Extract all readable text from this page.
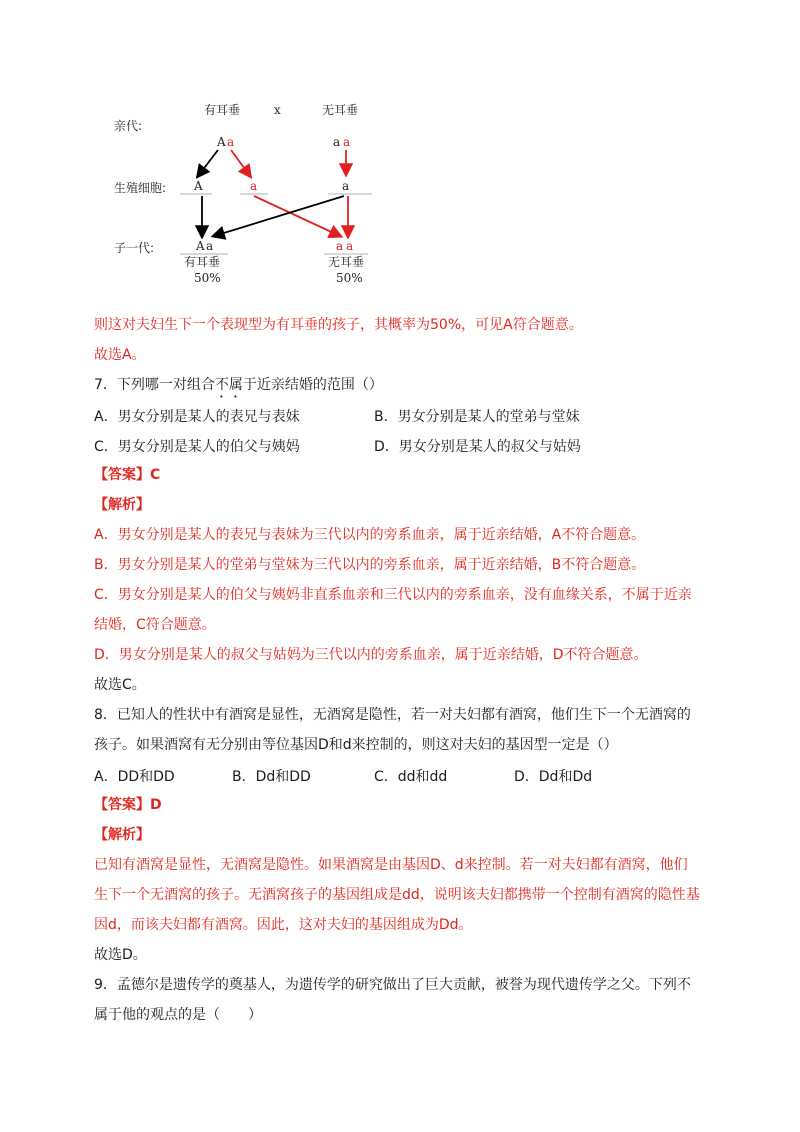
亲代:
生殖细胞:
子一代:
有耳垂	x	无耳垂
A a	a a
A	a	a
A a	a a
有耳垂
50%
无耳垂
50%
则这对夫妇生下一个表现型为有耳垂的孩子，其概率为50%，可见A符合题意。
故选A。
7．下列哪一对组合不属于近亲结婚的范围（）
A．男女分别是某人的表兄与表妹	B．男女分别是某人的堂弟与堂妹
C．男女分别是某人的伯父与姨妈	D．男女分别是某人的叔父与姑妈
【答案】C
【解析】
A．男女分别是某人的表兄与表妹为三代以内的旁系血亲，属于近亲结婚，A不符合题意。
B．男女分别是某人的堂弟与堂妹为三代以内的旁系血亲，属于近亲结婚，B不符合题意。
C．男女分别是某人的伯父与姨妈非直系血亲和三代以内的旁系血亲，没有血缘关系，不属于近亲
结婚，C符合题意。
D．男女分别是某人的叔父与姑妈为三代以内的旁系血亲，属于近亲结婚，D不符合题意。
故选C。
8．已知人的性状中有酒窝是显性，无酒窝是隐性，若一对夫妇都有酒窝，他们生下一个无酒窝的
孩子。如果酒窝有无分别由等位基因D和d来控制的，则这对夫妇的基因型一定是（）
A．DD和DD	B．Dd和DD	C．dd和dd	D．Dd和Dd
【答案】D
【解析】
已知有酒窝是显性，无酒窝是隐性。如果酒窝是由基因D、d来控制。若一对夫妇都有酒窝，他们
生下一个无酒窝的孩子。无酒窝孩子的基因组成是dd，说明该夫妇都携带一个控制有酒窝的隐性基
因d，而该夫妇都有酒窝。因此，这对夫妇的基因组成为Dd。
故选D。
9．孟德尔是遗传学的奠基人，为遗传学的研究做出了巨大贡献，被誉为现代遗传学之父。下列不
属于他的观点的是（　　）
